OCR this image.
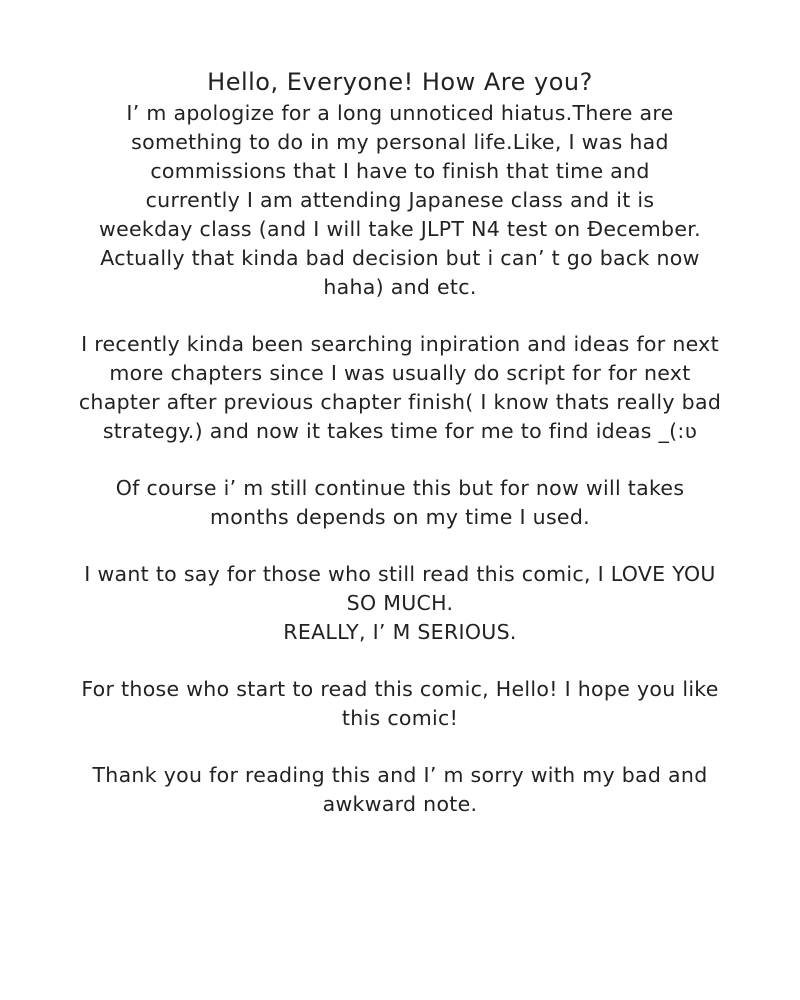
Hello, Everyone! How Are you?

I’ m apologize for a long unnoticed hiatus.There are
something to do in my personal life.Like, I was had
commissions that I have to finish that time and
currently I am attending Japanese class and it is
weekday class (and I will take JLPT N4 test on Đecember.
Actually that kinda bad decision but i can’ t go back now
haha) and etc.

I recently kinda been searching inpiration and ideas for next
more chapters since I was usually do script for for next
chapter after previous chapter finish( I know thats really bad
strategy.) and now it takes time for me to find ideas _(:ʋ

Of course i’ m still continue this but for now will takes
months depends on my time I used.

I want to say for those who still read this comic, I LOVE YOU
SO MUCH.
REALLY, I’ M SERIOUS.

For those who start to read this comic, Hello! I hope you like
this comic!

Thank you for reading this and I’ m sorry with my bad and
awkward note.
